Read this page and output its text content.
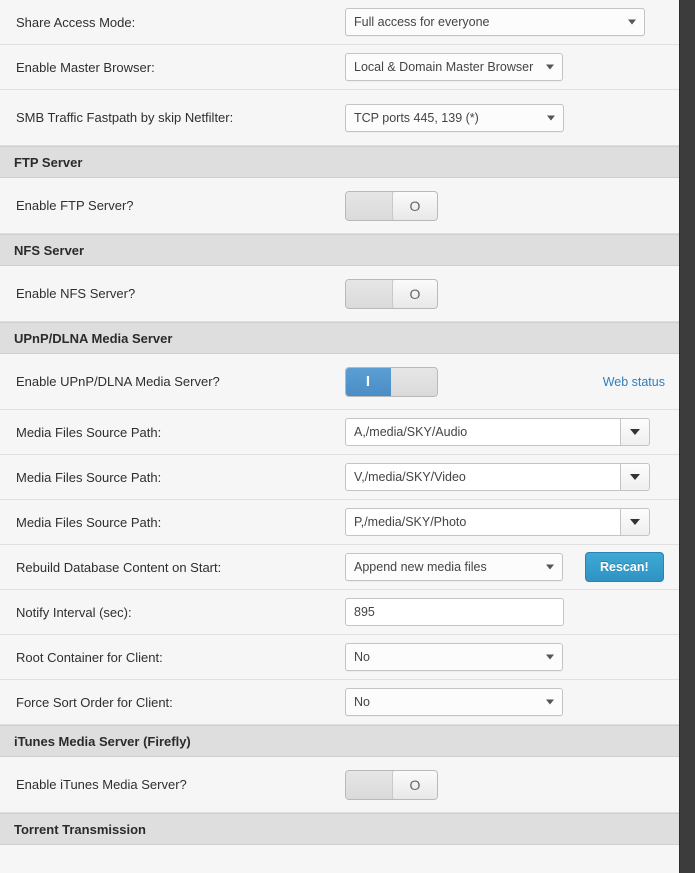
Share Access Mode:	Full access for everyone
Enable Master Browser:	Local & Domain Master Browser
SMB Traffic Fastpath by skip Netfilter:	TCP ports 445, 139 (*)
FTP Server
Enable FTP Server?	O
NFS Server
Enable NFS Server?	O
UPnP/DLNA Media Server
Enable UPnP/DLNA Media Server?	I	Web status
Media Files Source Path:	A,/media/SKY/Audio
Media Files Source Path:	V,/media/SKY/Video
Media Files Source Path:	P,/media/SKY/Photo
Rebuild Database Content on Start:	Append new media files	Rescan!
Notify Interval (sec):	895
Root Container for Client:	No
Force Sort Order for Client:	No
iTunes Media Server (Firefly)
Enable iTunes Media Server?	O
Torrent Transmission
